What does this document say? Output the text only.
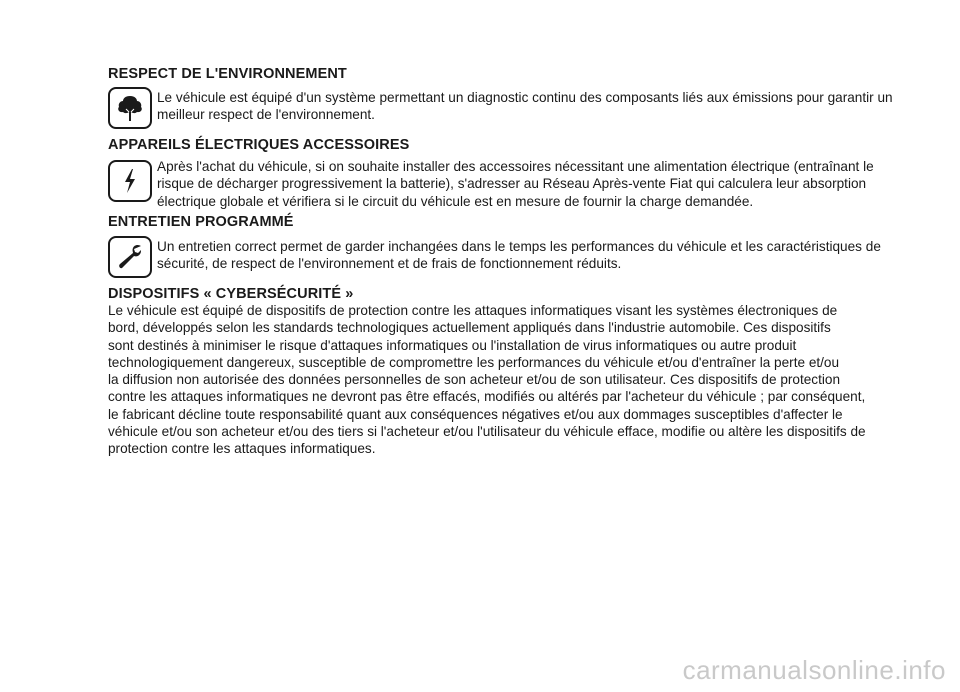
RESPECT DE L'ENVIRONNEMENT

Le véhicule est équipé d'un système permettant un diagnostic continu des composants liés aux émissions pour garantir un
meilleur respect de l'environnement.

APPAREILS ÉLECTRIQUES ACCESSOIRES

Après l'achat du véhicule, si on souhaite installer des accessoires nécessitant une alimentation électrique (entraînant le
risque de décharger progressivement la batterie), s'adresser au Réseau Après-vente Fiat qui calculera leur absorption
électrique globale et vérifiera si le circuit du véhicule est en mesure de fournir la charge demandée.

ENTRETIEN PROGRAMMÉ

Un entretien correct permet de garder inchangées dans le temps les performances du véhicule et les caractéristiques de
sécurité, de respect de l'environnement et de frais de fonctionnement réduits.

DISPOSITIFS « CYBERSÉCURITÉ »

Le véhicule est équipé de dispositifs de protection contre les attaques informatiques visant les systèmes électroniques de
bord, développés selon les standards technologiques actuellement appliqués dans l'industrie automobile. Ces dispositifs
sont destinés à minimiser le risque d'attaques informatiques ou l'installation de virus informatiques ou autre produit
technologiquement dangereux, susceptible de compromettre les performances du véhicule et/ou d'entraîner la perte et/ou
la diffusion non autorisée des données personnelles de son acheteur et/ou de son utilisateur. Ces dispositifs de protection
contre les attaques informatiques ne devront pas être effacés, modifiés ou altérés par l'acheteur du véhicule ; par conséquent,
le fabricant décline toute responsabilité quant aux conséquences négatives et/ou aux dommages susceptibles d'affecter le
véhicule et/ou son acheteur et/ou des tiers si l'acheteur et/ou l'utilisateur du véhicule efface, modifie ou altère les dispositifs de
protection contre les attaques informatiques.

carmanualsonline.info
